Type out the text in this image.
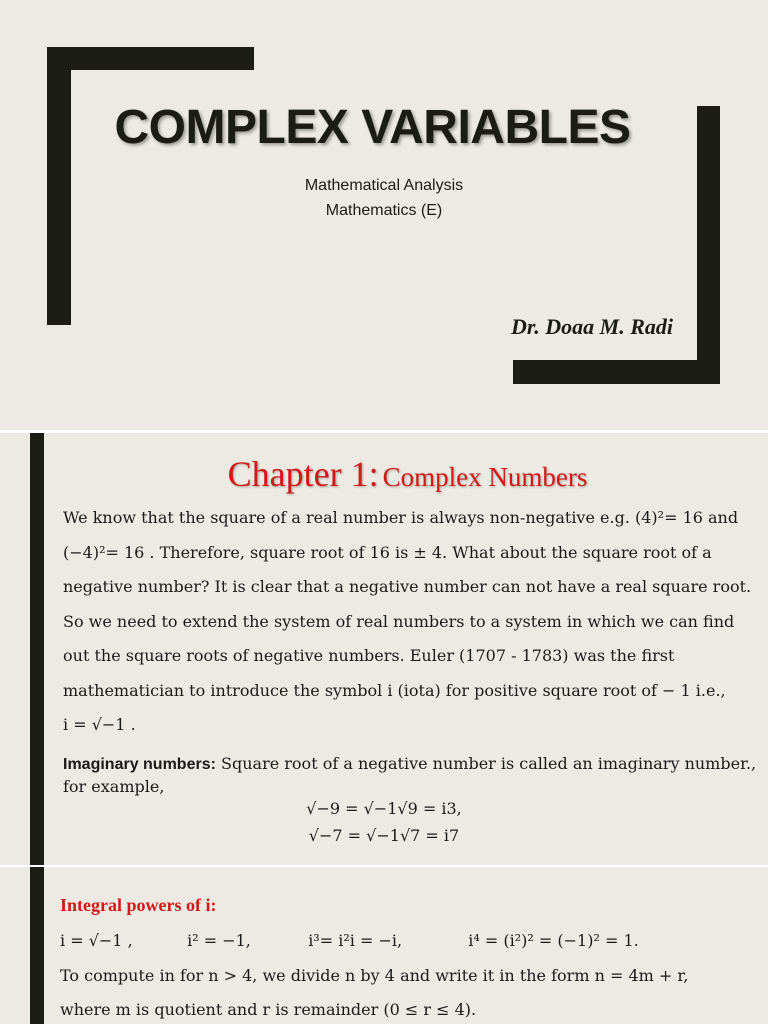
COMPLEX VARIABLES
Mathematical Analysis
Mathematics (E)
Dr. Doaa M. Radi
Chapter 1: Complex Numbers
We know that the square of a real number is always non-negative e.g. (4)²= 16 and
(−4)²= 16 . Therefore, square root of 16 is ± 4. What about the square root of a
negative number? It is clear that a negative number can not have a real square root.
So we need to extend the system of real numbers to a system in which we can find
out the square roots of negative numbers. Euler (1707 - 1783) was the first
mathematician to introduce the symbol i (iota) for positive square root of − 1 i.e.,
i = √−1 .
Imaginary numbers: Square root of a negative number is called an imaginary number., for example,
√−9 = √−1√9 = i3,
√−7 = √−1√7 = i7
Integral powers of i:
i = √−1 ,	i² = −1,	i³= i²i = −i,	i⁴ = (i²)² = (−1)² = 1.
To compute in for n > 4, we divide n by 4 and write it in the form n = 4m + r,
where m is quotient and r is remainder (0 ≤ r ≤ 4).
